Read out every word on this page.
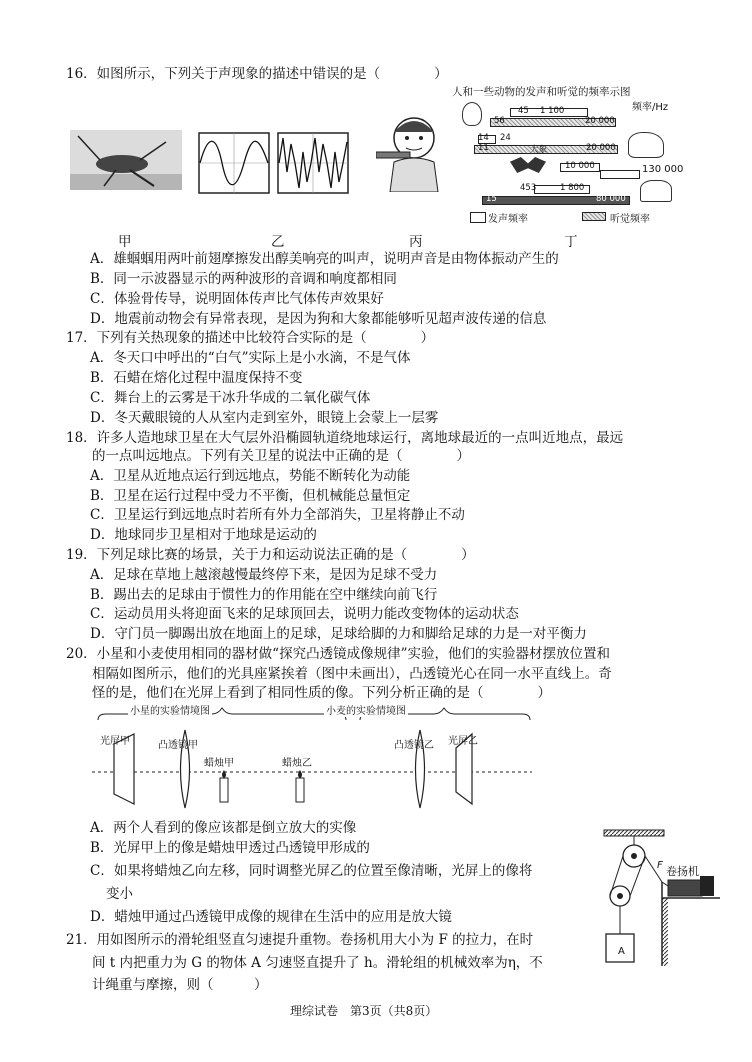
16．如图所示，下列关于声现象的描述中错误的是（　　　　）
人和一些动物的发声和听觉的频率示图
频率/Hz
45 1 100
56	20 000
14 24
11	大象	20 000
10 000	130 000
453	1 800
15	80 000
发声频率	听觉频率
甲	乙	丙	丁
A．雄蝈蝈用两叶前翅摩擦发出醇美响亮的叫声，说明声音是由物体振动产生的
B．同一示波器显示的两种波形的音调和响度都相同
C．体验骨传导，说明固体传声比气体传声效果好
D．地震前动物会有异常表现，是因为狗和大象都能够听见超声波传递的信息
17．下列有关热现象的描述中比较符合实际的是（　　　　）
A．冬天口中呼出的“白气”实际上是小水滴，不是气体
B．石蜡在熔化过程中温度保持不变
C．舞台上的云雾是干冰升华成的二氧化碳气体
D．冬天戴眼镜的人从室内走到室外，眼镜上会蒙上一层雾
18．许多人造地球卫星在大气层外沿椭圆轨道绕地球运行，离地球最近的一点叫近地点，最远
的一点叫远地点。下列有关卫星的说法中正确的是（　　　　）
A．卫星从近地点运行到远地点，势能不断转化为动能
B．卫星在运行过程中受力不平衡，但机械能总量恒定
C．卫星运行到远地点时若所有外力全部消失，卫星将静止不动
D．地球同步卫星相对于地球是运动的
19．下列足球比赛的场景，关于力和运动说法正确的是（　　　　）
A．足球在草地上越滚越慢最终停下来，是因为足球不受力
B．踢出去的足球由于惯性力的作用能在空中继续向前飞行
C．运动员用头将迎面飞来的足球顶回去，说明力能改变物体的运动状态
D．守门员一脚踢出放在地面上的足球，足球给脚的力和脚给足球的力是一对平衡力
20．小星和小麦使用相同的器材做“探究凸透镜成像规律”实验，他们的实验器材摆放位置和
相隔如图所示，他们的光具座紧挨着（图中未画出），凸透镜光心在同一水平直线上。奇
怪的是，他们在光屏上看到了相同性质的像。下列分析正确的是（　　　　）
小星的实验情境图	小麦的实验情境图
光屏甲	凸透镜甲
蜡烛甲	蜡烛乙
凸透镜乙 光屏乙
A．两个人看到的像应该都是倒立放大的实像
B．光屏甲上的像是蜡烛甲透过凸透镜甲形成的
C．如果将蜡烛乙向左移，同时调整光屏乙的位置至像清晰，光屏上的像将
变小
D．蜡烛甲通过凸透镜甲成像的规律在生活中的应用是放大镜
F 卷扬机
A
21．用如图所示的滑轮组竖直匀速提升重物。卷扬机用大小为 F 的拉力，在时
间 t 内把重力为 G 的物体 A 匀速竖直提升了 h。滑轮组的机械效率为η，不
计绳重与摩擦，则（　　　）
理综试卷　第3页（共8页）
